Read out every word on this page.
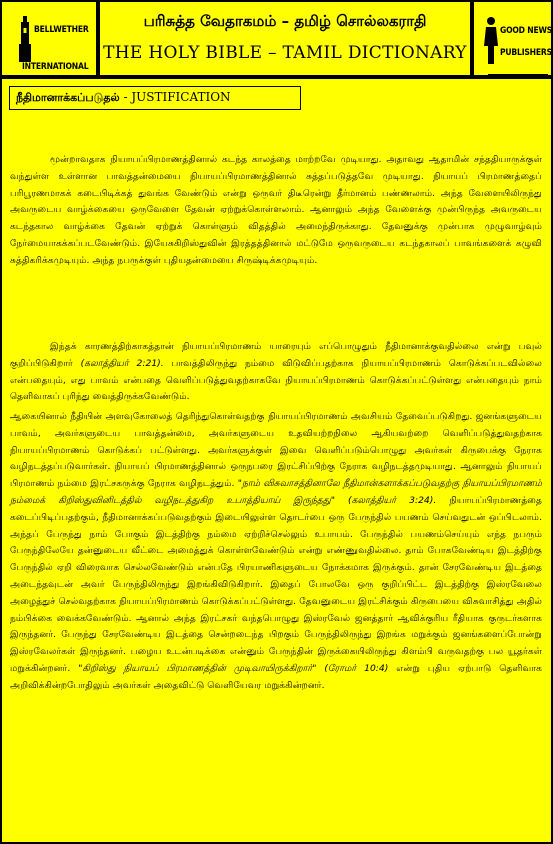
BELLWETHER
INTERNATIONAL
பரிசுத்த வேதாகமம் – தமிழ் சொல்லகராதி
THE HOLY BIBLE – TAMIL DICTIONARY
GOOD NEWS
PUBLISHERS
நீதிமானாக்கப்படுதல் - JUSTIFICATION

மூன்றாவதாக நியாயப்பிரமாணத்தினால் கடந்த காலத்தை மாற்றவே முடியாது. அதாவது ஆதாமின் சந்ததியாருக்குள் வந்துள்ள உள்ளான பாவத்தன்மையை நியாயப்பிரமாணத்தினால் சுத்தப்படுத்தவே முடியாது. நியாயப் பிரமாணத்தைப் பரிபூரணமாகக் கடைபிடிக்கத் துவங்க வேண்டும் என்று ஒருவர் திடீரென்று தீர்மானம் பண்ணலாம். அந்த வேளையிலிருந்து அவருடைய வாழ்க்கையை ஒருவேளை தேவன் ஏற்றுக்கொள்ளலாம். ஆனாலும் அந்த வேளைக்கு முன்பிருந்த அவருடைய கடந்தகால வாழ்க்கை தேவன் ஏற்றுக் கொள்ளும் விதத்தில் அமைந்திருக்காது. தேவனுக்கு முன்பாக முழுவாழ்வும் நேர்மையாகக்கப்படவேண்டும். இயேசுகிறிஸ்துவின் இரத்தத்தினால் மட்டுமே ஒருவருடைய கடந்தகாலப் பாவங்களைக் கழுவி சுத்திகரிக்கமுடியும். அந்த நபருக்குள் புதியதன்மையை சிருஷ்டிக்கமுடியும்.

இந்தக் காரணத்திற்காகத்தான் நியாயப்பிரமாணம் யாரையும் எப்பொழுதும் நீதிமானாக்குவதில்லை என்று பவுல் குறிப்பிடுகிறார் (கலாத்தியர் 2:21). பாவத்திலிருந்து நம்மை விடுவிப்பதற்காக நியாயப்பிரமாணம் கொடுக்கப்படவில்லை என்பதையும், எது பாவம் என்பதை வெளிப்படுத்துவதற்காகவே நியாயப்பிரமாணம் கொடுக்கப்பட்டுள்ளது என்பதையும் நாம் தெளிவாகப் புரிந்து வைத்திருக்கவேண்டும்.

ஆகையினால் நீதியின் அளவுகோலைத் தெரிந்துகொள்வதற்கு நியாயப்பிரமாணம் அவசியம் தேவைப்படுகிறது. ஜனங்களுடைய பாவம், அவர்களுடைய பாவத்தன்மை, அவர்களுடைய உதவியற்றநிலை ஆகியவற்றை வெளிப்படுத்துவதற்காக நியாயப்பிரமாணம் கொடுக்கப் பட்டுள்ளது. அவர்களுக்குள் இவை வெளிப்படும்பொழுது அவர்கள் கிருபைக்கு நேராக வழிநடத்தப்படுவார்கள். நியாயப் பிரமாணத்தினால் ஒருநபரை இரட்சிப்பிற்கு நேராக வழிநடத்தமுடியாது. ஆனாலும் நியாயப் பிரமாணம் நம்மை இரட்சகருக்கு நேராக வழிநடத்தும். "நாம் விசுவாசத்தினாலே நீதிமான்களாக்கப்படுவதற்கு நியாயப்பிரமாணம் நம்மைக் கிறிஸ்துவினிடத்தில் வழிநடத்துகிற உபாத்தியாய் இருந்தது" (கலாத்தியர் 3:24). நியாயப்பிரமாணத்தை கடைப்பிடிப்பதற்கும், நீதிமானாக்கப்படுவதற்கும் இடையிலுள்ள தொடர்பை ஒரு பேருந்தில் பயணம் செய்வதுடன் ஒப்பிடலாம். அந்தப் பேருந்து நாம் போகும் இடத்திற்கு நம்மை ஏற்றிச்செல்லும் உபாயம். பேருந்தில் பயணம்செய்யும் எந்த நபரும் பேருந்திலேயே தன்னுடைய வீட்டை அமைத்துக் கொள்ளவேண்டும் என்று எண்ணுவதில்லை. தாம் போகவேண்டிய இடத்திற்கு பேருந்தில் ஏறி விரைவாக செல்லவேண்டும் என்பதே பிரயாணிகளுடைய நோக்கமாக இருக்கும். தான் சேரவேண்டிய இடத்தை அடைந்தவுடன் அவர் பேருந்திலிருந்து இறங்கிவிடுகிறார். இதைப் போலவே ஒரு குறிப்பிட்ட இடத்திற்கு இஸ்ரவேலை அழைத்துச் செல்வதற்காக நியாயப்பிரமாணம் கொடுக்கப்பட்டுள்ளது. தேவனுடைய இரட்சிக்கும் கிருபையை விசுவாசித்து அதில் நம்பிக்கை வைக்கவேண்டும். ஆனால் அந்த இரட்சகர் வந்தபொழுது இஸ்ரவேல் ஜனத்தார் ஆவிக்குரிய ரீதியாக குருடர்களாக இருந்தனர். பேருந்து சேரவேண்டிய இடத்தை சென்றடைந்த பிறகும் பேருந்திலிருந்து இறங்க மறுக்கும் ஜனங்களைப்போன்று இஸ்ரவேலர்கள் இருந்தனர். பழைய உடன்படிக்கை என்னும் பேருந்தின் இருக்கையிலிருந்து கிளம்பி வருவதற்கு பல யூதர்கள் மறுக்கின்றனர். "கிறிஸ்து நியாயப் பிரமாணத்தின் முடிவாயிருக்கிறார்" (ரோமர் 10:4) என்று புதிய ஏற்பாடு தெளிவாக அறிவிக்கின்றபோதிலும் அவர்கள் அதைவிட்டு வெளியேவர மறுக்கின்றனர்.
